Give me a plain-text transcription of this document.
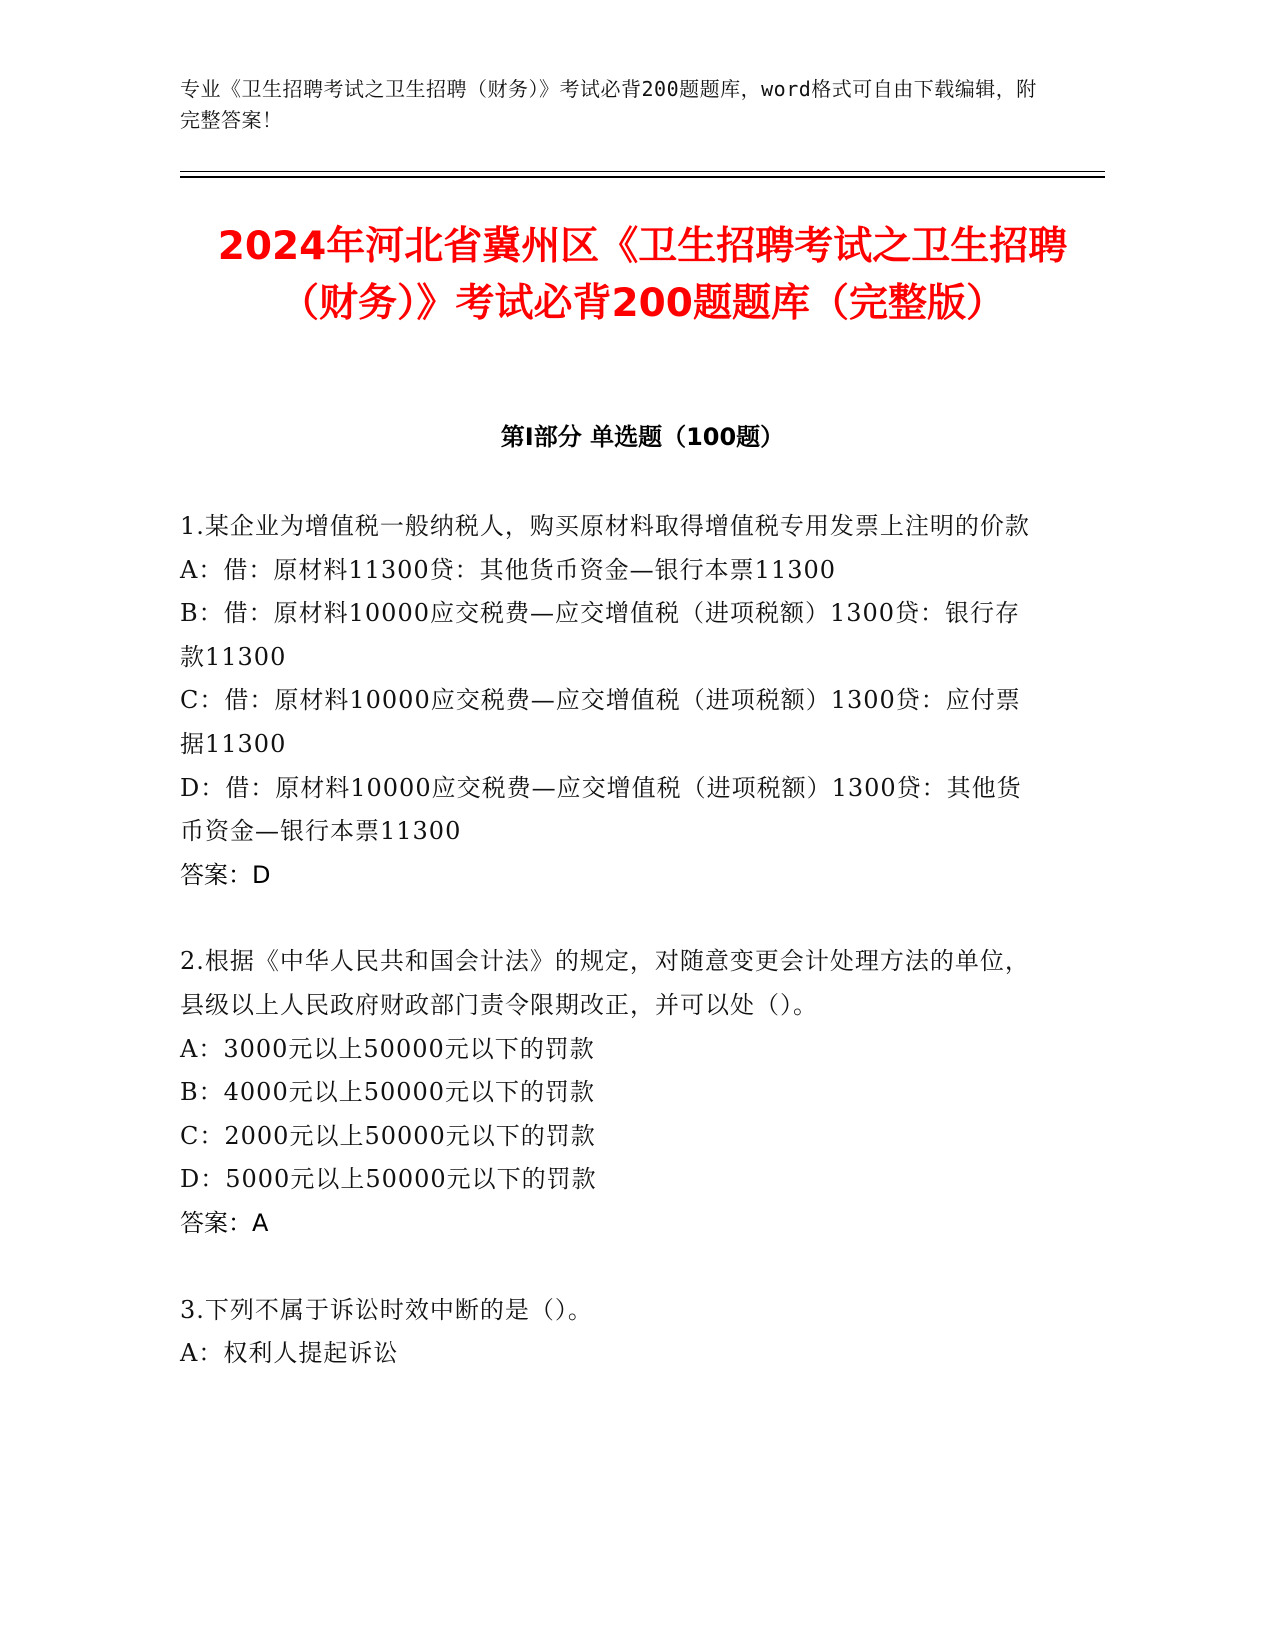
专业《卫生招聘考试之卫生招聘（财务）》考试必背200题题库，word格式可自由下载编辑，附完整答案！
2024年河北省冀州区《卫生招聘考试之卫生招聘（财务）》考试必背200题题库（完整版）
第I部分 单选题（100题）

1.某企业为增值税一般纳税人，购买原材料取得增值税专用发票上注明的价款

A：借：原材料11300贷：其他货币资金—银行本票11300

B：借：原材料10000应交税费—应交增值税（进项税额）1300贷：银行存款11300

C：借：原材料10000应交税费—应交增值税（进项税额）1300贷：应付票据11300

D：借：原材料10000应交税费—应交增值税（进项税额）1300贷：其他货币资金—银行本票11300

答案：D

2.根据《中华人民共和国会计法》的规定，对随意变更会计处理方法的单位，县级以上人民政府财政部门责令限期改正，并可以处（）。

A：3000元以上50000元以下的罚款

B：4000元以上50000元以下的罚款

C：2000元以上50000元以下的罚款

D：5000元以上50000元以下的罚款

答案：A

3.下列不属于诉讼时效中断的是（）。

A：权利人提起诉讼
